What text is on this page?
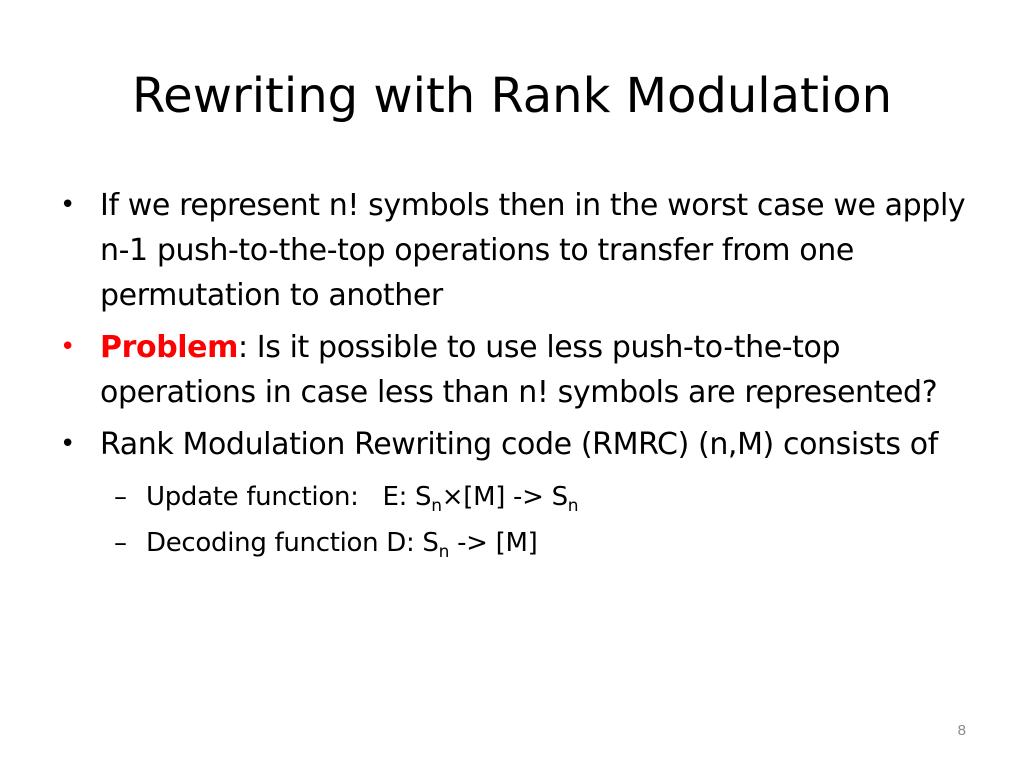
Rewriting with Rank Modulation
• If we represent n! symbols then in the worst case we apply n-1 push-to-the-top operations to transfer from one permutation to another
• Problem: Is it possible to use less push-to-the-top operations in case less than n! symbols are represented?
• Rank Modulation Rewriting code (RMRC) (n,M) consists of
– Update function:   E: $S_n\times[M] -> S_n$
– Decoding function D: $S_n -> [M]$
8
